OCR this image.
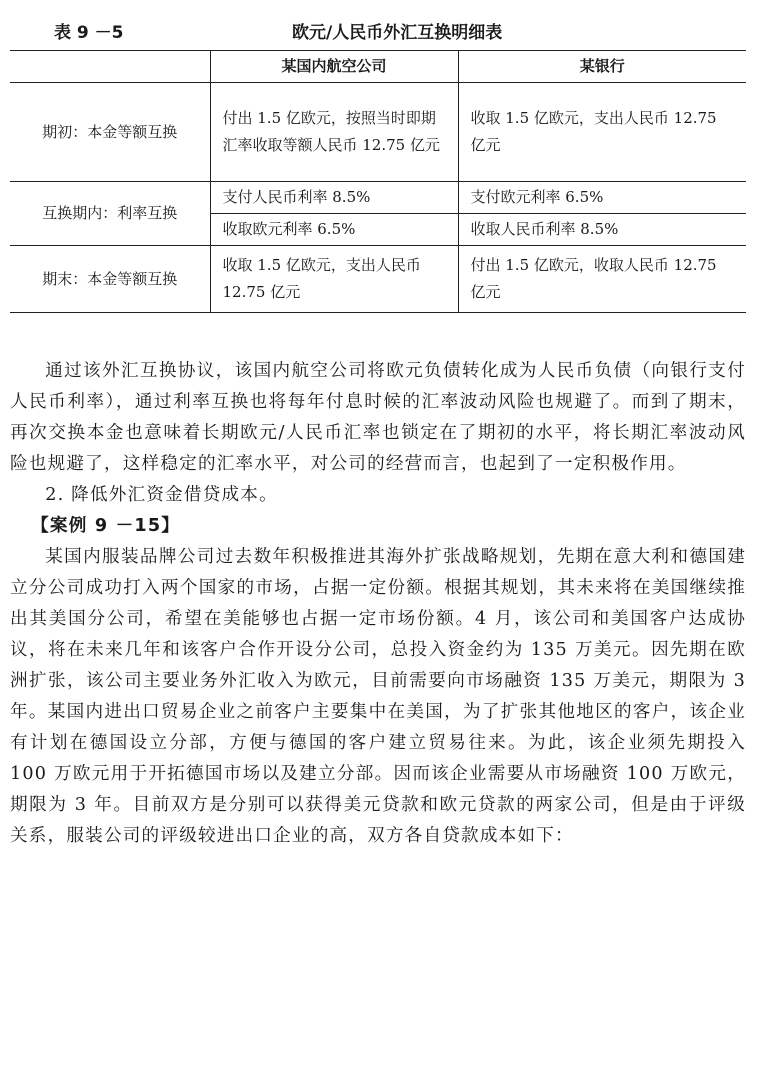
表 9 －5	欧元/人民币外汇互换明细表
	某国内航空公司	某银行
期初：本金等额互换	付出 1.5 亿欧元，按照当时即期汇率收取等额人民币 12.75 亿元	收取 1.5 亿欧元，支出人民币 12.75 亿元
互换期内：利率互换	支付人民币利率 8.5%	支付欧元利率 6.5%
	收取欧元利率 6.5%	收取人民币利率 8.5%
期末：本金等额互换	收取 1.5 亿欧元，支出人民币 12.75 亿元	付出 1.5 亿欧元，收取人民币 12.75 亿元

通过该外汇互换协议，该国内航空公司将欧元负债转化成为人民币负债（向银行支付人民币利率），通过利率互换也将每年付息时候的汇率波动风险也规避了。而到了期末，再次交换本金也意味着长期欧元/人民币汇率也锁定在了期初的水平，将长期汇率波动风险也规避了，这样稳定的汇率水平，对公司的经营而言，也起到了一定积极作用。

2. 降低外汇资金借贷成本。

【案例 9 －15】

某国内服装品牌公司过去数年积极推进其海外扩张战略规划，先期在意大利和德国建立分公司成功打入两个国家的市场，占据一定份额。根据其规划，其未来将在美国继续推出其美国分公司，希望在美能够也占据一定市场份额。4 月，该公司和美国客户达成协议，将在未来几年和该客户合作开设分公司，总投入资金约为 135 万美元。因先期在欧洲扩张，该公司主要业务外汇收入为欧元，目前需要向市场融资 135 万美元，期限为 3 年。某国内进出口贸易企业之前客户主要集中在美国，为了扩张其他地区的客户，该企业有计划在德国设立分部，方便与德国的客户建立贸易往来。为此，该企业须先期投入 100 万欧元用于开拓德国市场以及建立分部。因而该企业需要从市场融资 100 万欧元，期限为 3 年。目前双方是分别可以获得美元贷款和欧元贷款的两家公司，但是由于评级关系，服装公司的评级较进出口企业的高，双方各自贷款成本如下：
